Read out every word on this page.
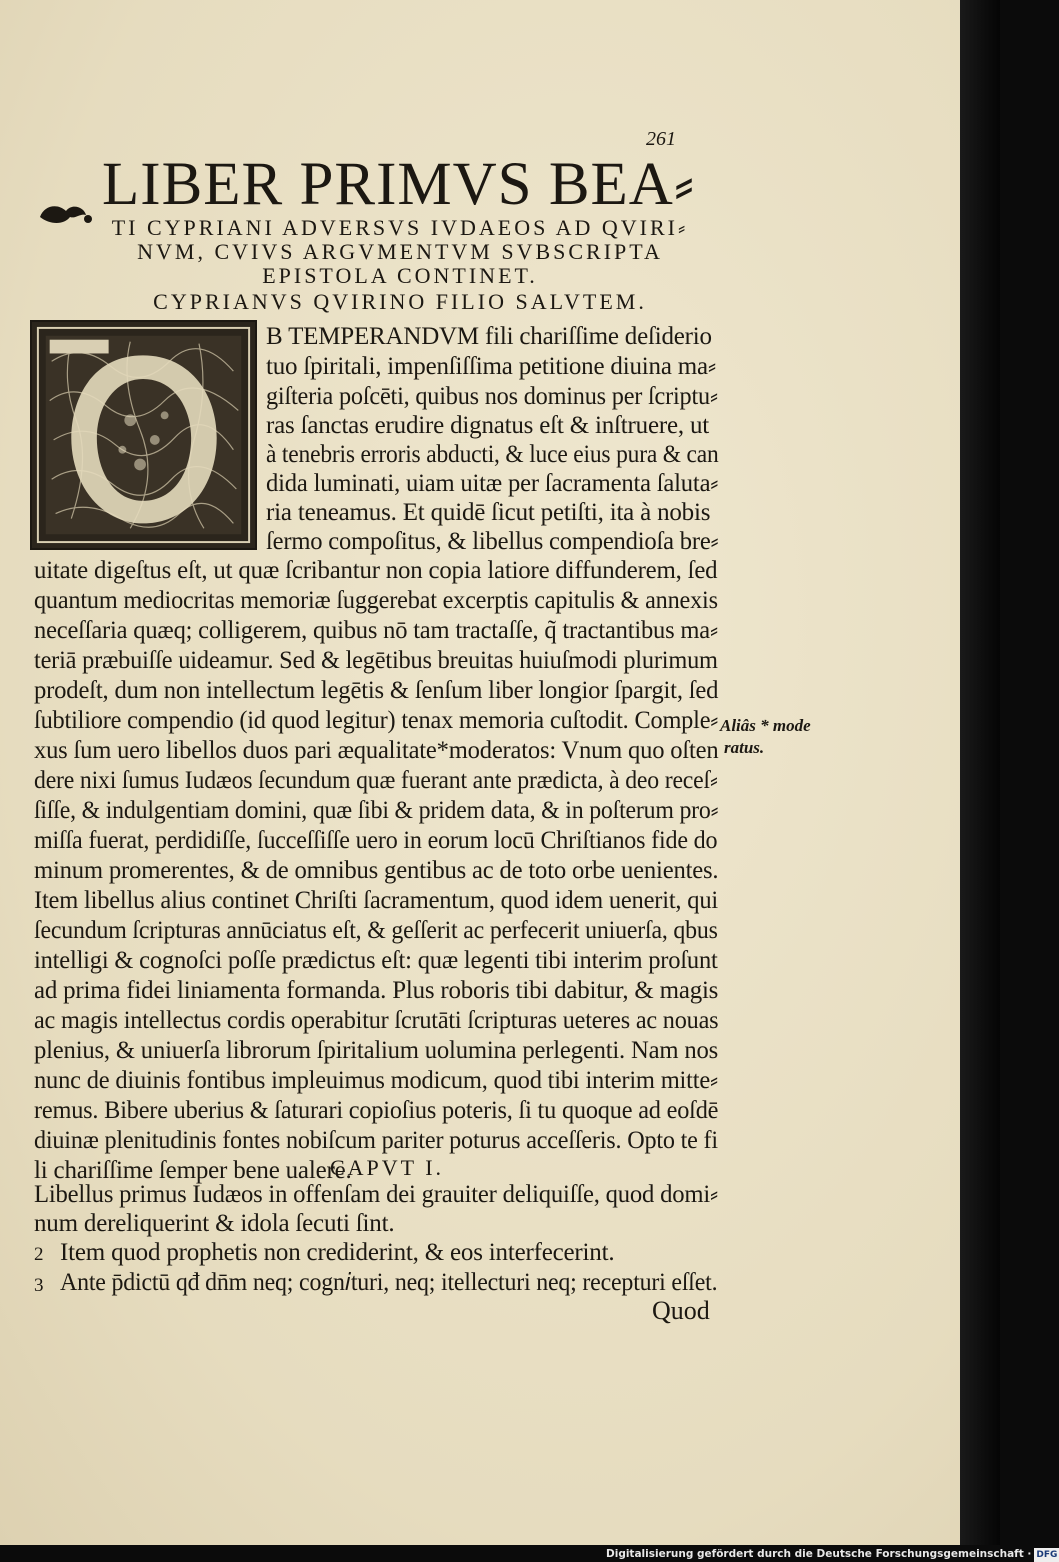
261
LIBER PRIMVS BEA⸗
TI CYPRIANI ADVERSVS IVDAEOS AD QVIRI⸗
NVM, CVIVS ARGVMENTVM SVBSCRIPTA
EPISTOLA CONTINET.
CYPRIANVS QVIRINO FILIO SALVTEM.
B TEMPERANDVM fili chariſſime deſiderio
tuo ſpiritali, impenſiſſima petitione diuina ma⸗
giſteria poſcēti, quibus nos dominus per ſcriptu⸗
ras ſanctas erudire dignatus eſt & inſtruere, ut
à tenebris erroris abducti, & luce eius pura & can
dida luminati, uiam uitæ per ſacramenta ſaluta⸗
ria teneamus. Et quidē ſicut petiſti, ita à nobis
ſermo compoſitus, & libellus compendioſa bre⸗
uitate digeſtus eſt, ut quæ ſcribantur non copia latiore diffunderem, ſed
quantum mediocritas memoriæ ſuggerebat excerptis capitulis & annexis
neceſſaria quæq; colligerem, quibus nō tam tractaſſe, q̃ tractantibus ma⸗
teriā præbuiſſe uideamur. Sed & legētibus breuitas huiuſmodi plurimum
prodeſt, dum non intellectum legētis & ſenſum liber longior ſpargit, ſed
ſubtiliore compendio (id quod legitur) tenax memoria cuſtodit. Comple⸗
xus ſum uero libellos duos pari æqualitate*moderatos: Vnum quo oſten
dere nixi ſumus Iudæos ſecundum quæ fuerant ante prædicta, à deo receſ⸗
ſiſſe, & indulgentiam domini, quæ ſibi & pridem data, & in poſterum pro⸗
miſſa fuerat, perdidiſſe, ſucceſſiſſe uero in eorum locū Chriſtianos fide do
minum promerentes, & de omnibus gentibus ac de toto orbe uenientes.
Item libellus alius continet Chriſti ſacramentum, quod idem uenerit, qui
ſecundum ſcripturas annūciatus eſt, & geſſerit ac perfecerit uniuerſa, qbus
intelligi & cognoſci poſſe prædictus eſt: quæ legenti tibi interim proſunt
ad prima fidei liniamenta formanda. Plus roboris tibi dabitur, & magis
ac magis intellectus cordis operabitur ſcrutāti ſcripturas ueteres ac nouas
plenius, & uniuerſa librorum ſpiritalium uolumina perlegenti. Nam nos
nunc de diuinis fontibus impleuimus modicum, quod tibi interim mitte⸗
remus. Bibere uberius & ſaturari copioſius poteris, ſi tu quoque ad eoſdē
diuinæ plenitudinis fontes nobiſcum pariter poturus acceſſeris. Opto te fi
li chariſſime ſemper bene ualere.
Aliâs * mode
ratus.
CAPVT I.
Libellus primus Iudæos in offenſam dei grauiter deliquiſſe, quod domi⸗
num dereliquerint & idola ſecuti ſint.
2 Item quod prophetis non crediderint, & eos interfecerint.
3 Ante p̄dictū qđ dn̄m neq; cogn𝑖turi, neq; itellecturi neq; recepturi eſſet.
Quod
Digitalisierung gefördert durch die Deutsche Forschungsgemeinschaft · DFG
